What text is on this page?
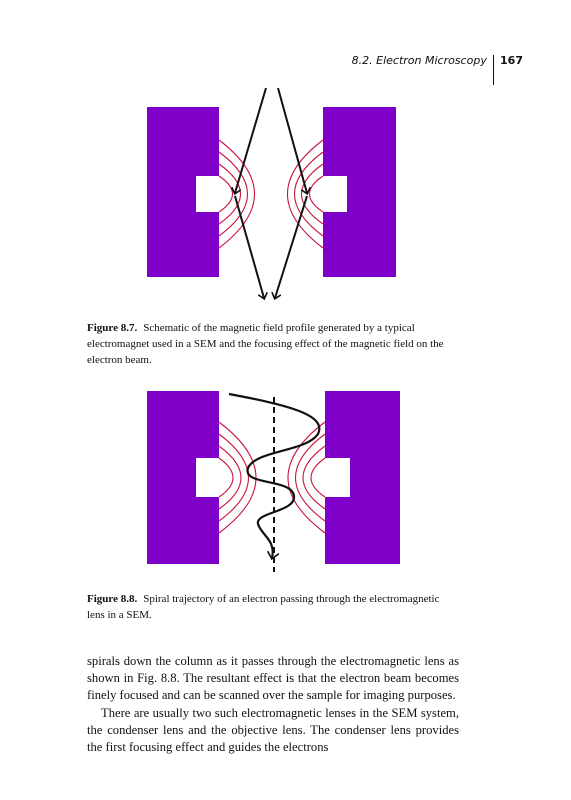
8.2. Electron Microscopy	167
Figure 8.7. Schematic of the magnetic field profile generated by a typical electromagnet used in a SEM and the focusing effect of the magnetic field on the electron beam.
Figure 8.8. Spiral trajectory of an electron passing through the electromagnetic lens in a SEM.

spirals down the column as it passes through the electromagnetic lens as shown in Fig. 8.8. The resultant effect is that the electron beam becomes finely focused and can be scanned over the sample for imaging purposes.

There are usually two such electromagnetic lenses in the SEM system, the condenser lens and the objective lens. The condenser lens provides the first focusing effect and guides the electrons
